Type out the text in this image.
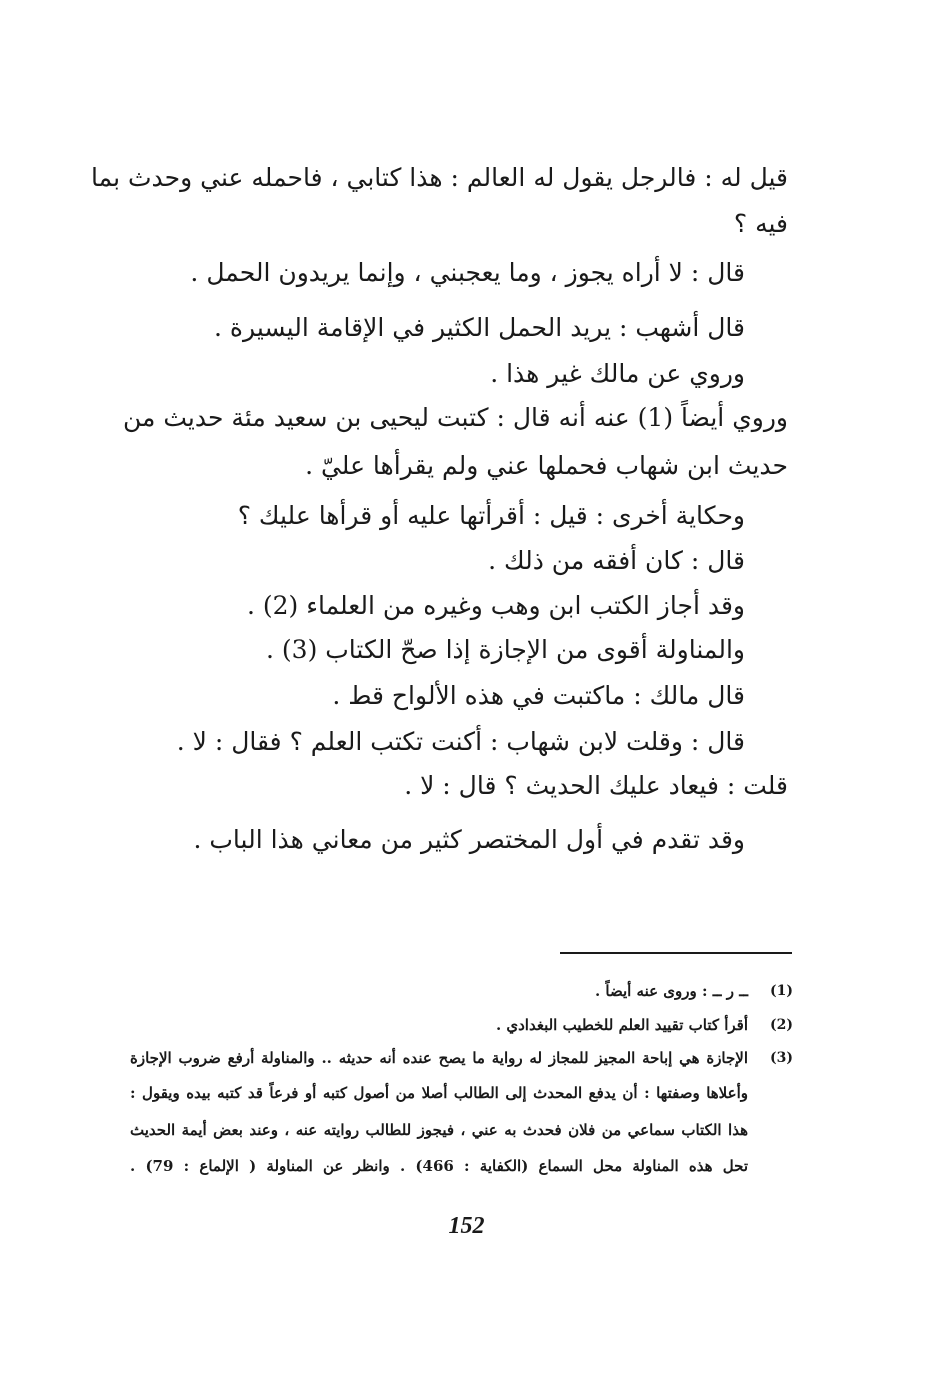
قيل له : فالرجل يقول له العالم : هذا كتابي ، فاحمله عني وحدث بما
فيه ؟
قال : لا أراه يجوز ، وما يعجبني ، وإنما يريدون الحمل .
قال أشهب : يريد الحمل الكثير في الإقامة اليسيرة .
وروي عن مالك غير هذا .
وروي أيضاً (1) عنه أنه قال : كتبت ليحيى بن سعيد مئة حديث من
حديث ابن شهاب فحملها عني ولم يقرأها عليّ .
وحكاية أخرى : قيل : أقرأتها عليه أو قرأها عليك ؟
قال : كان أفقه من ذلك .
وقد أجاز الكتب ابن وهب وغيره من العلماء (2) .
والمناولة أقوى من الإجازة إذا صحّ الكتاب (3) .
قال مالك : ماكتبت في هذه الألواح قط .
قال : وقلت لابن شهاب : أكنت تكتب العلم ؟ فقال : لا .
قلت : فيعاد عليك الحديث ؟ قال : لا .
وقد تقدم في أول المختصر كثير من معاني هذا الباب .
(1)
ــ ر ــ : وروى عنه أيضاً .
(2)
أقرأ كتاب تقييد العلم للخطيب البغدادي .
(3)
الإجازة هي إباحة المجيز للمجاز له رواية ما يصح عنده أنه حديثه .. والمناولة أرفع ضروب الإجازة
وأعلاها وصفتها : أن يدفع المحدث إلى الطالب أصلا من أصول كتبه أو فرعاً قد كتبه بيده ويقول :
هذا الكتاب سماعي من فلان فحدث به عني ، فيجوز للطالب روايته عنه ، وعند بعض أيمة الحديث
تحل هذه المناولة محل السماع (الكفاية : 466) . وانظر عن المناولة ( الإلماع : 79) .
152
